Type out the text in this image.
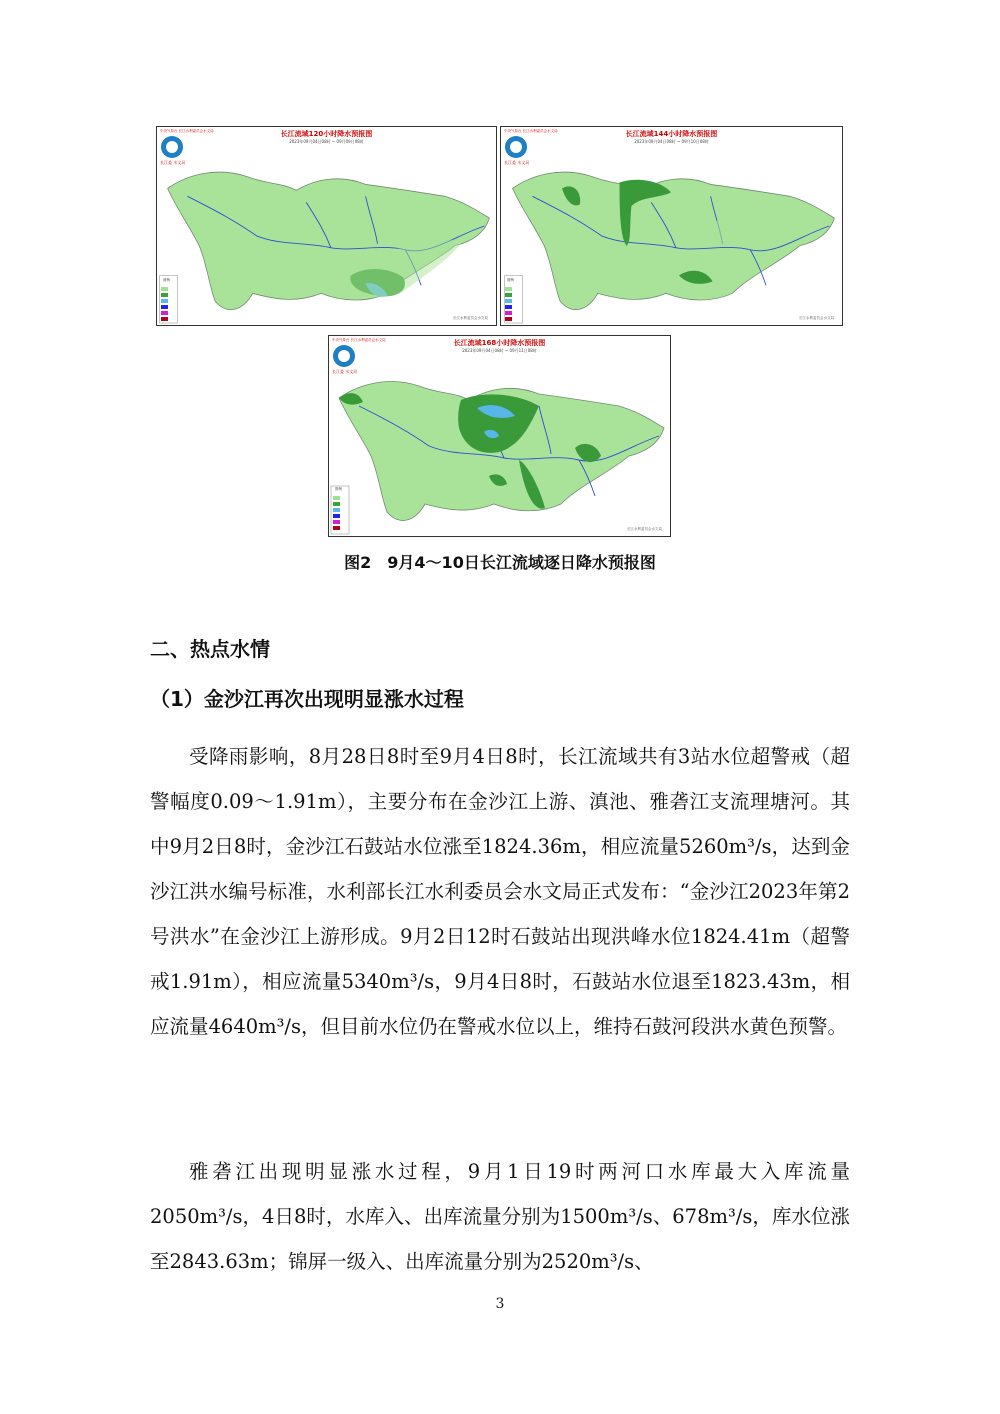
中央气象台 长江水利委员会水文局	长江流域120小时降水预报图
2023年09月04日08时 ~ 09月09日08时
长江委 水文局
图例
长江水利委员会水文局
中央气象台 长江水利委员会水文局	长江流域144小时降水预报图
2023年09月04日08时 ~ 09月10日08时
长江委 水文局
图例
长江水利委员会水文局
中央气象台 长江水利委员会水文局	长江流域168小时降水预报图
2023年09月04日08时 ~ 09月11日08时
长江委 水文局
图例
长江水利委员会水文局
图2　9月4～10日长江流域逐日降水预报图
二、热点水情
（1）金沙江再次出现明显涨水过程

受降雨影响，8月28日8时至9月4日8时，长江流域共有3站水位超警戒（超警幅度0.09～1.91m），主要分布在金沙江上游、滇池、雅砻江支流理塘河。其中9月2日8时，金沙江石鼓站水位涨至1824.36m，相应流量5260m³/s，达到金沙江洪水编号标准，水利部长江水利委员会水文局正式发布：“金沙江2023年第2号洪水”在金沙江上游形成。9月2日12时石鼓站出现洪峰水位1824.41m（超警戒1.91m），相应流量5340m³/s，9月4日8时，石鼓站水位退至1823.43m，相应流量4640m³/s，但目前水位仍在警戒水位以上，维持石鼓河段洪水黄色预警。

雅砻江出现明显涨水过程，9月1日19时两河口水库最大入库流量2050m³/s，4日8时，水库入、出库流量分别为1500m³/s、678m³/s，库水位涨至2843.63m；锦屏一级入、出库流量分别为2520m³/s、

3
